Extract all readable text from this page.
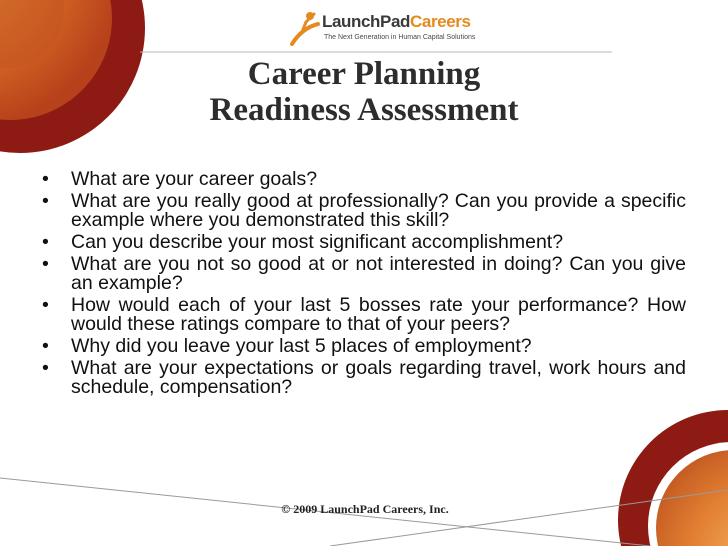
LaunchPadCareers
The Next Generation in Human Capital Solutions
Career Planning
Readiness Assessment
• What are your career goals?
• What are you really good at professionally? Can you provide a specific example where you demonstrated this skill?
• Can you describe your most significant accomplishment?
• What are you not so good at or not interested in doing? Can you give an example?
• How would each of your last 5 bosses rate your performance? How would these ratings compare to that of your peers?
• Why did you leave your last 5 places of employment?
• What are your expectations or goals regarding travel, work hours and schedule, compensation?
© 2009 LaunchPad Careers, Inc.
